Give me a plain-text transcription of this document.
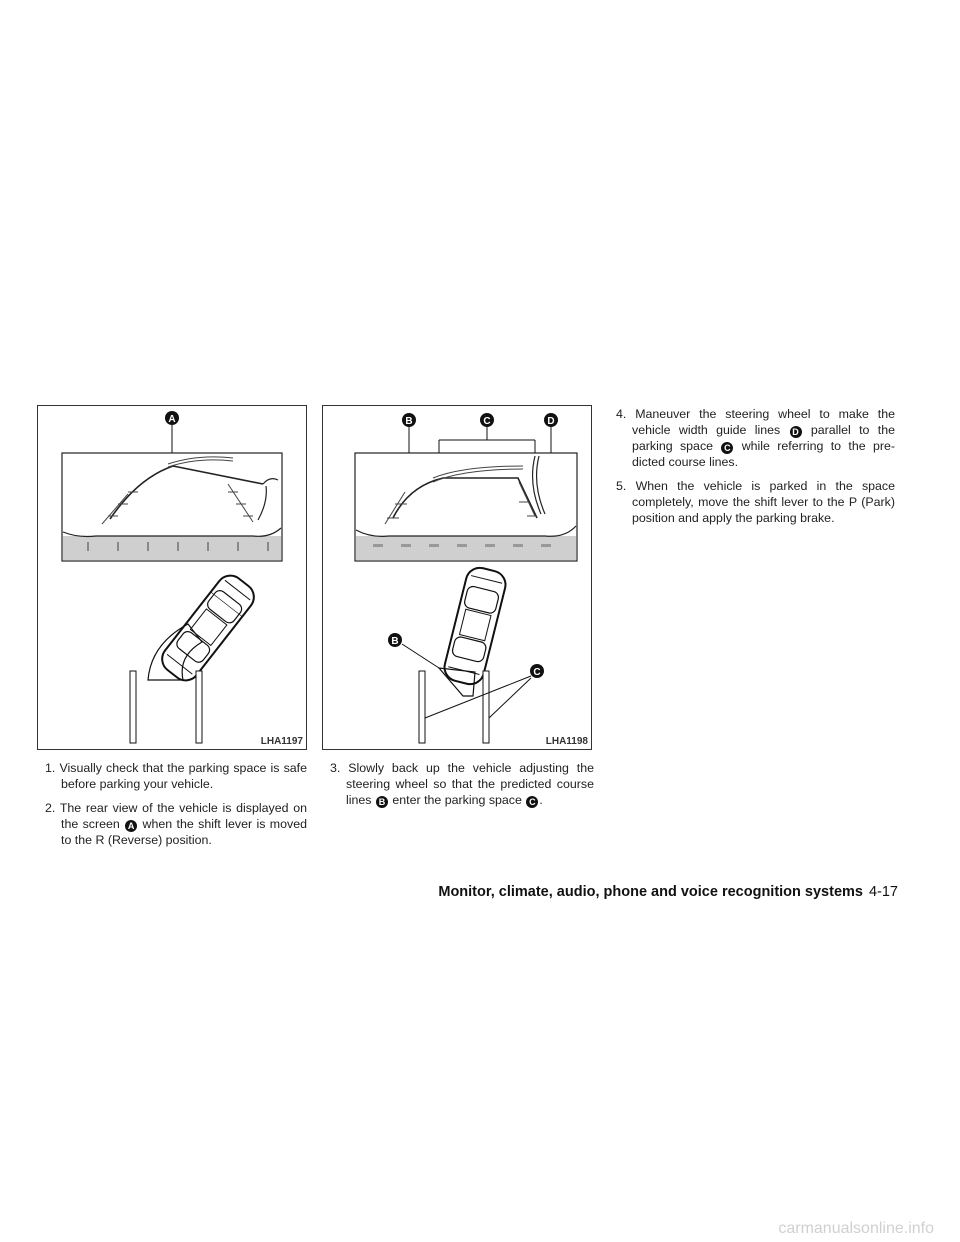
A
LHA1197
B	C	D
B
C
LHA1198
1. Visually check that the parking space is safe before parking your vehicle.
2. The rear view of the vehicle is displayed on the screen A when the shift lever is moved to the R (Reverse) position.
3. Slowly back up the vehicle adjusting the steering wheel so that the predicted course lines B enter the parking space C .
4. Maneuver the steering wheel to make the vehicle width guide lines D parallel to the parking space C while referring to the pre-dicted course lines.
5. When the vehicle is parked in the space completely, move the shift lever to the P (Park) position and apply the parking brake.
Monitor, climate, audio, phone and voice recognition systems 4-17
carmanualsonline.info
